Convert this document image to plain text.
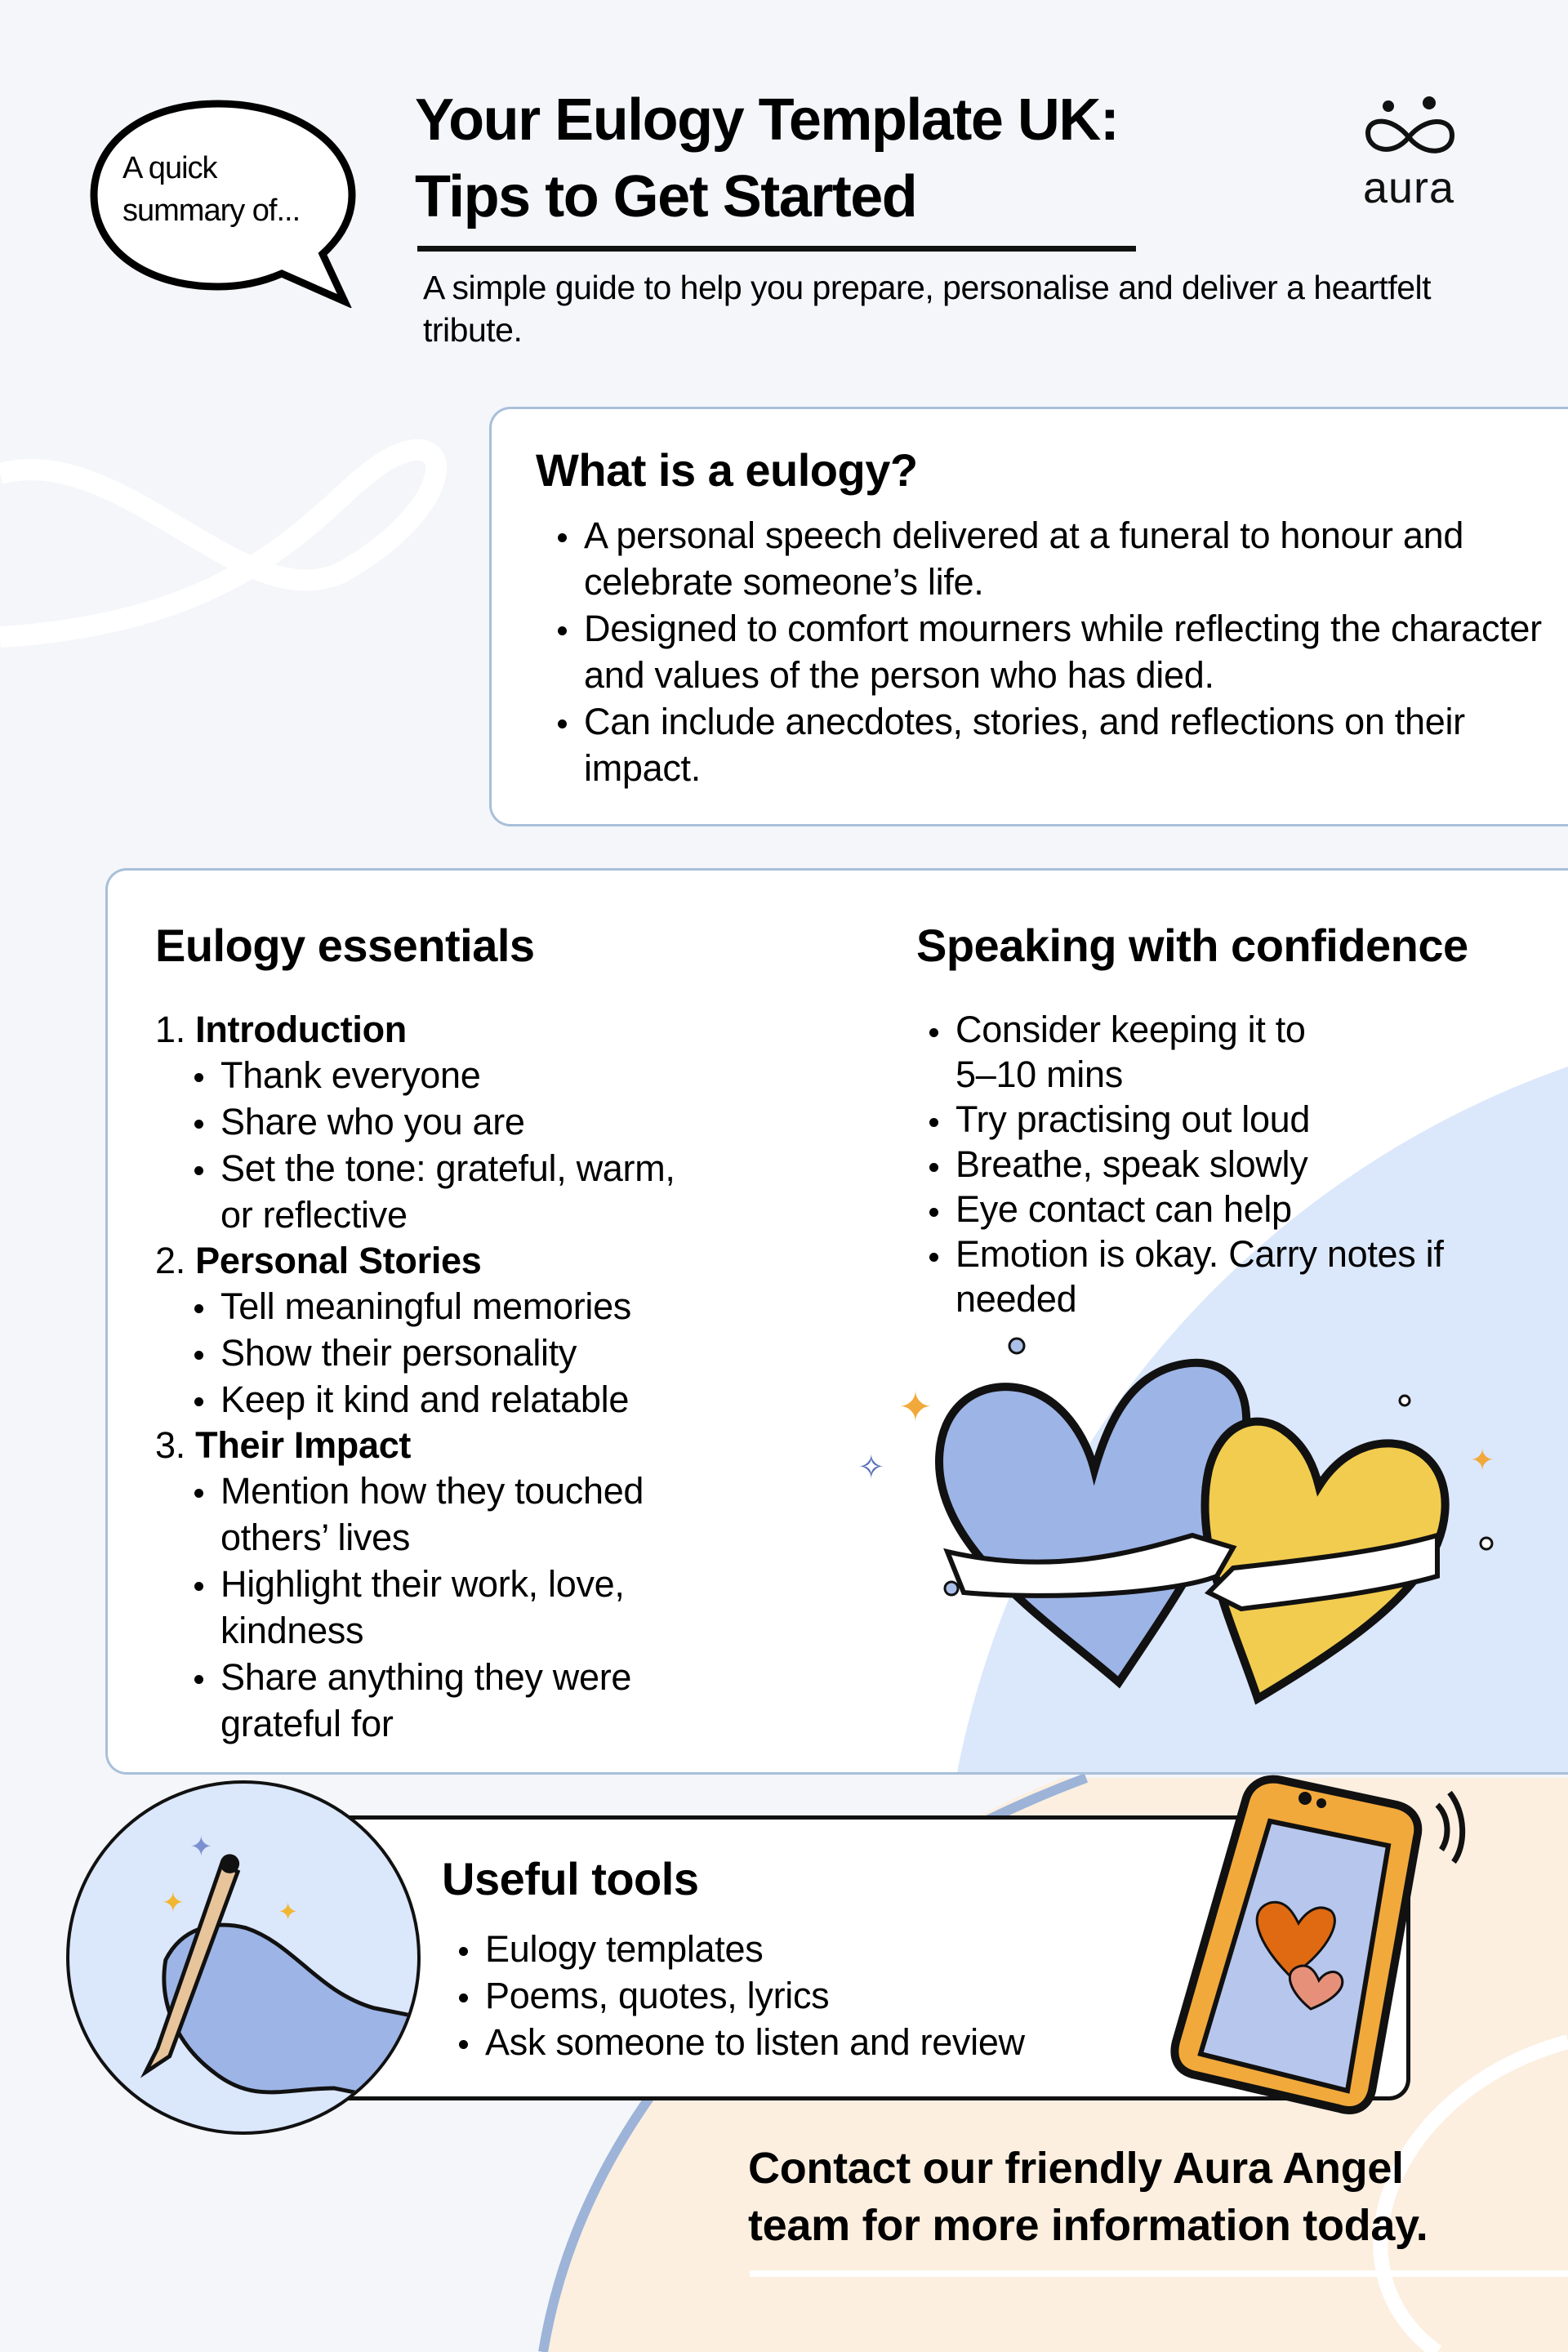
A quick
summary of...
Your Eulogy Template UK:
Tips to Get Started
A simple guide to help you prepare, personalise and deliver a heartfelt tribute.
aura
What is a eulogy?
A personal speech delivered at a funeral to honour and celebrate someone’s life.
Designed to comfort mourners while reflecting the character and values of the person who has died.
Can include anecdotes, stories, and reflections on their impact.
Eulogy essentials	Speaking with confidence
1. Introduction
Thank everyone
Share who you are
Set the tone: grateful, warm, or reflective
2. Personal Stories
Tell meaningful memories
Show their personality
Keep it kind and relatable
3. Their Impact
Mention how they touched others’ lives
Highlight their work, love, kindness
Share anything they were grateful for
Consider keeping it to 5–10 mins
Try practising out loud
Breathe, speak slowly
Eye contact can help
Emotion is okay. Carry notes if needed
✦
✦
✧
Useful tools
Eulogy templates
Poems, quotes, lyrics
Ask someone to listen and review
✦
✦	✦
Contact our friendly Aura Angel
team for more information today.
